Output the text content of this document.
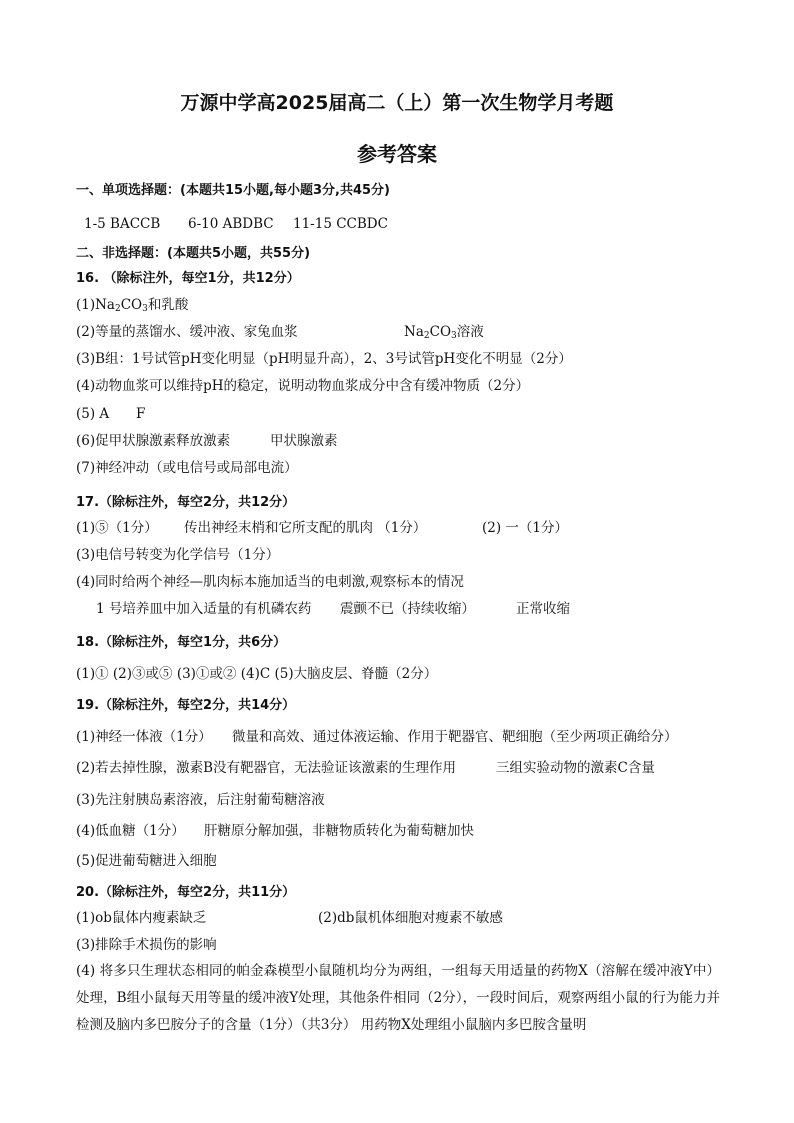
万源中学高2025届高二（上）第一次生物学月考题
参考答案
一、单项选择题：(本题共15小题,每小题3分,共45分)
1-5 BACCB 6-10 ABDBC 11-15 CCBDC
二、非选择题：(本题共5小题，共55分)
16. （除标注外，每空1分，共12分）
$(1)Na_2CO_3$和乳酸
(2)等量的蒸馏水、缓冲液、家兔血浆	$Na_2CO_3$溶液
(3)B组：1号试管pH变化明显（pH明显升高），2、3号试管pH变化不明显（2分）
(4)动物血浆可以维持pH的稳定，说明动物血浆成分中含有缓冲物质（2分）
(5) A F
(6)促甲状腺激素释放激素	甲状腺激素
(7)神经冲动（或电信号或局部电流）
17.（除标注外，每空2分，共12分）
(1)⑤（1分） 传出神经末梢和它所支配的肌肉 （1分）	(2) 一（1分）
(3)电信号转变为化学信号（1分）
(4)同时给两个神经—肌肉标本施加适当的电刺激,观察标本的情况
1 号培养皿中加入适量的有机磷农药 震颤不已（持续收缩）	正常收缩
18.（除标注外，每空1分，共6分）
(1)① (2)③或⑤ (3)①或② (4)C (5)大脑皮层、脊髓（2分）
19.（除标注外，每空2分，共14分）
(1)神经一体液（1分） 微量和高效、通过体液运输、作用于靶器官、靶细胞（至少两项正确给分）
(2)若去掉性腺，激素B没有靶器官，无法验证该激素的生理作用	三组实验动物的激素C含量
(3)先注射胰岛素溶液，后注射葡萄糖溶液
(4)低血糖（1分） 肝糖原分解加强，非糖物质转化为葡萄糖加快
(5)促进葡萄糖进入细胞
20.（除标注外，每空2分，共11分）
(1)ob鼠体内瘦素缺乏	(2)db鼠机体细胞对瘦素不敏感
(3)排除手术损伤的影响
(4) 将多只生理状态相同的帕金森模型小鼠随机均分为两组，一组每天用适量的药物X（溶解在缓冲液Y中）处理，B组小鼠每天用等量的缓冲液Y处理，其他条件相同（2分），一段时间后，观察两组小鼠的行为能力并检测及脑内多巴胺分子的含量（1分）（共3分） 用药物X处理组小鼠脑内多巴胺含量明
